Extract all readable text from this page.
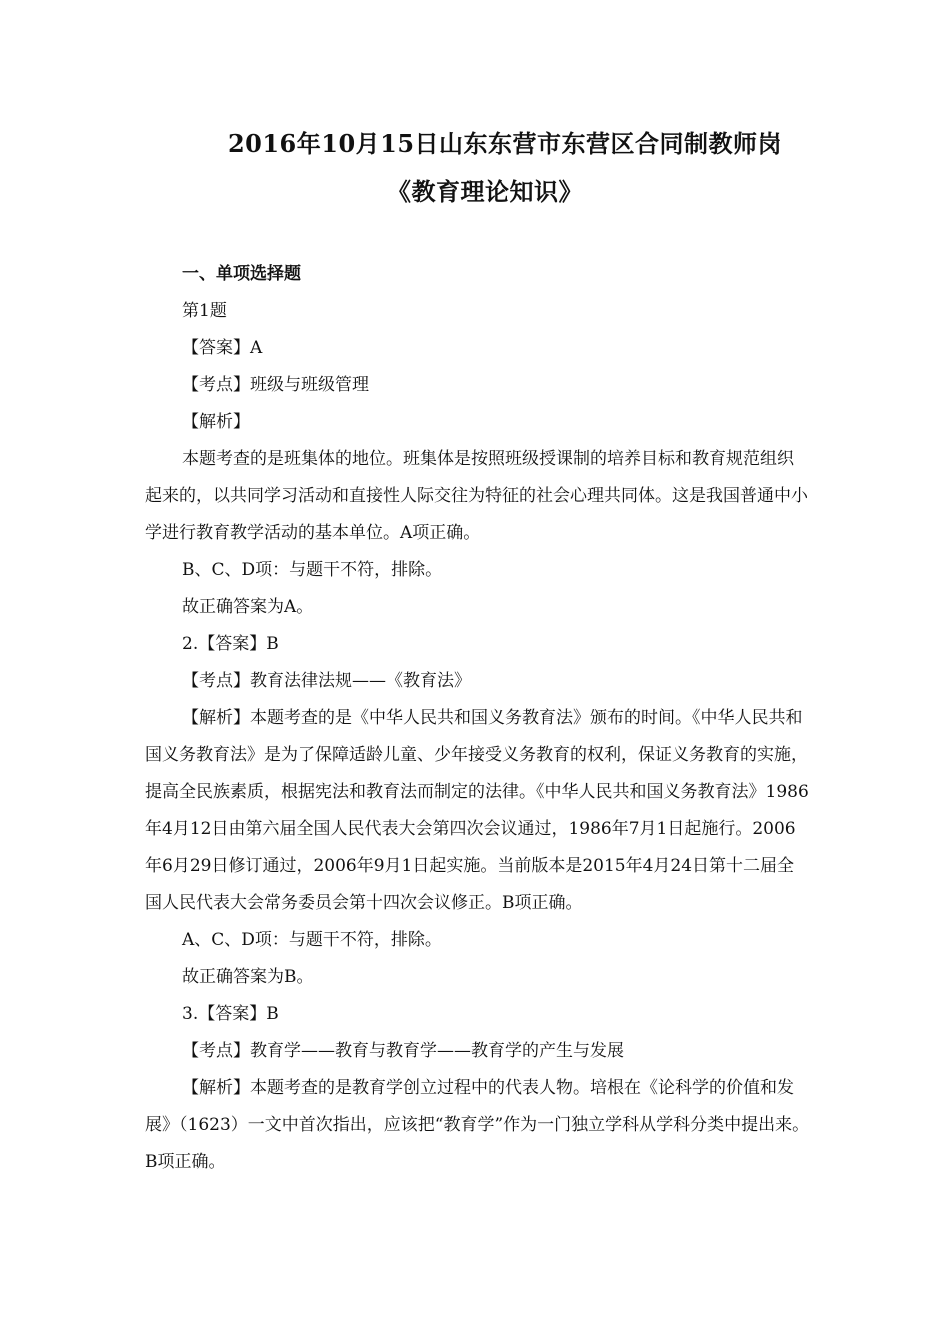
2016年10月15日山东东营市东营区合同制教师岗
《教育理论知识》

一、单项选择题

第1题

【答案】A

【考点】班级与班级管理

【解析】

本题考查的是班集体的地位。班集体是按照班级授课制的培养目标和教育规范组织起来的，以共同学习活动和直接性人际交往为特征的社会心理共同体。这是我国普通中小学进行教育教学活动的基本单位。A项正确。

B、C、D项：与题干不符，排除。

故正确答案为A。

2.【答案】B

【考点】教育法律法规——《教育法》

【解析】本题考查的是《中华人民共和国义务教育法》颁布的时间。《中华人民共和国义务教育法》是为了保障适龄儿童、少年接受义务教育的权利，保证义务教育的实施，提高全民族素质，根据宪法和教育法而制定的法律。《中华人民共和国义务教育法》1986年4月12日由第六届全国人民代表大会第四次会议通过，1986年7月1日起施行。2006年6月29日修订通过，2006年9月1日起实施。当前版本是2015年4月24日第十二届全国人民代表大会常务委员会第十四次会议修正。B项正确。

A、C、D项：与题干不符，排除。

故正确答案为B。

3.【答案】B

【考点】教育学——教育与教育学——教育学的产生与发展

【解析】本题考查的是教育学创立过程中的代表人物。培根在《论科学的价值和发展》（1623）一文中首次指出，应该把“教育学”作为一门独立学科从学科分类中提出来。B项正确。
